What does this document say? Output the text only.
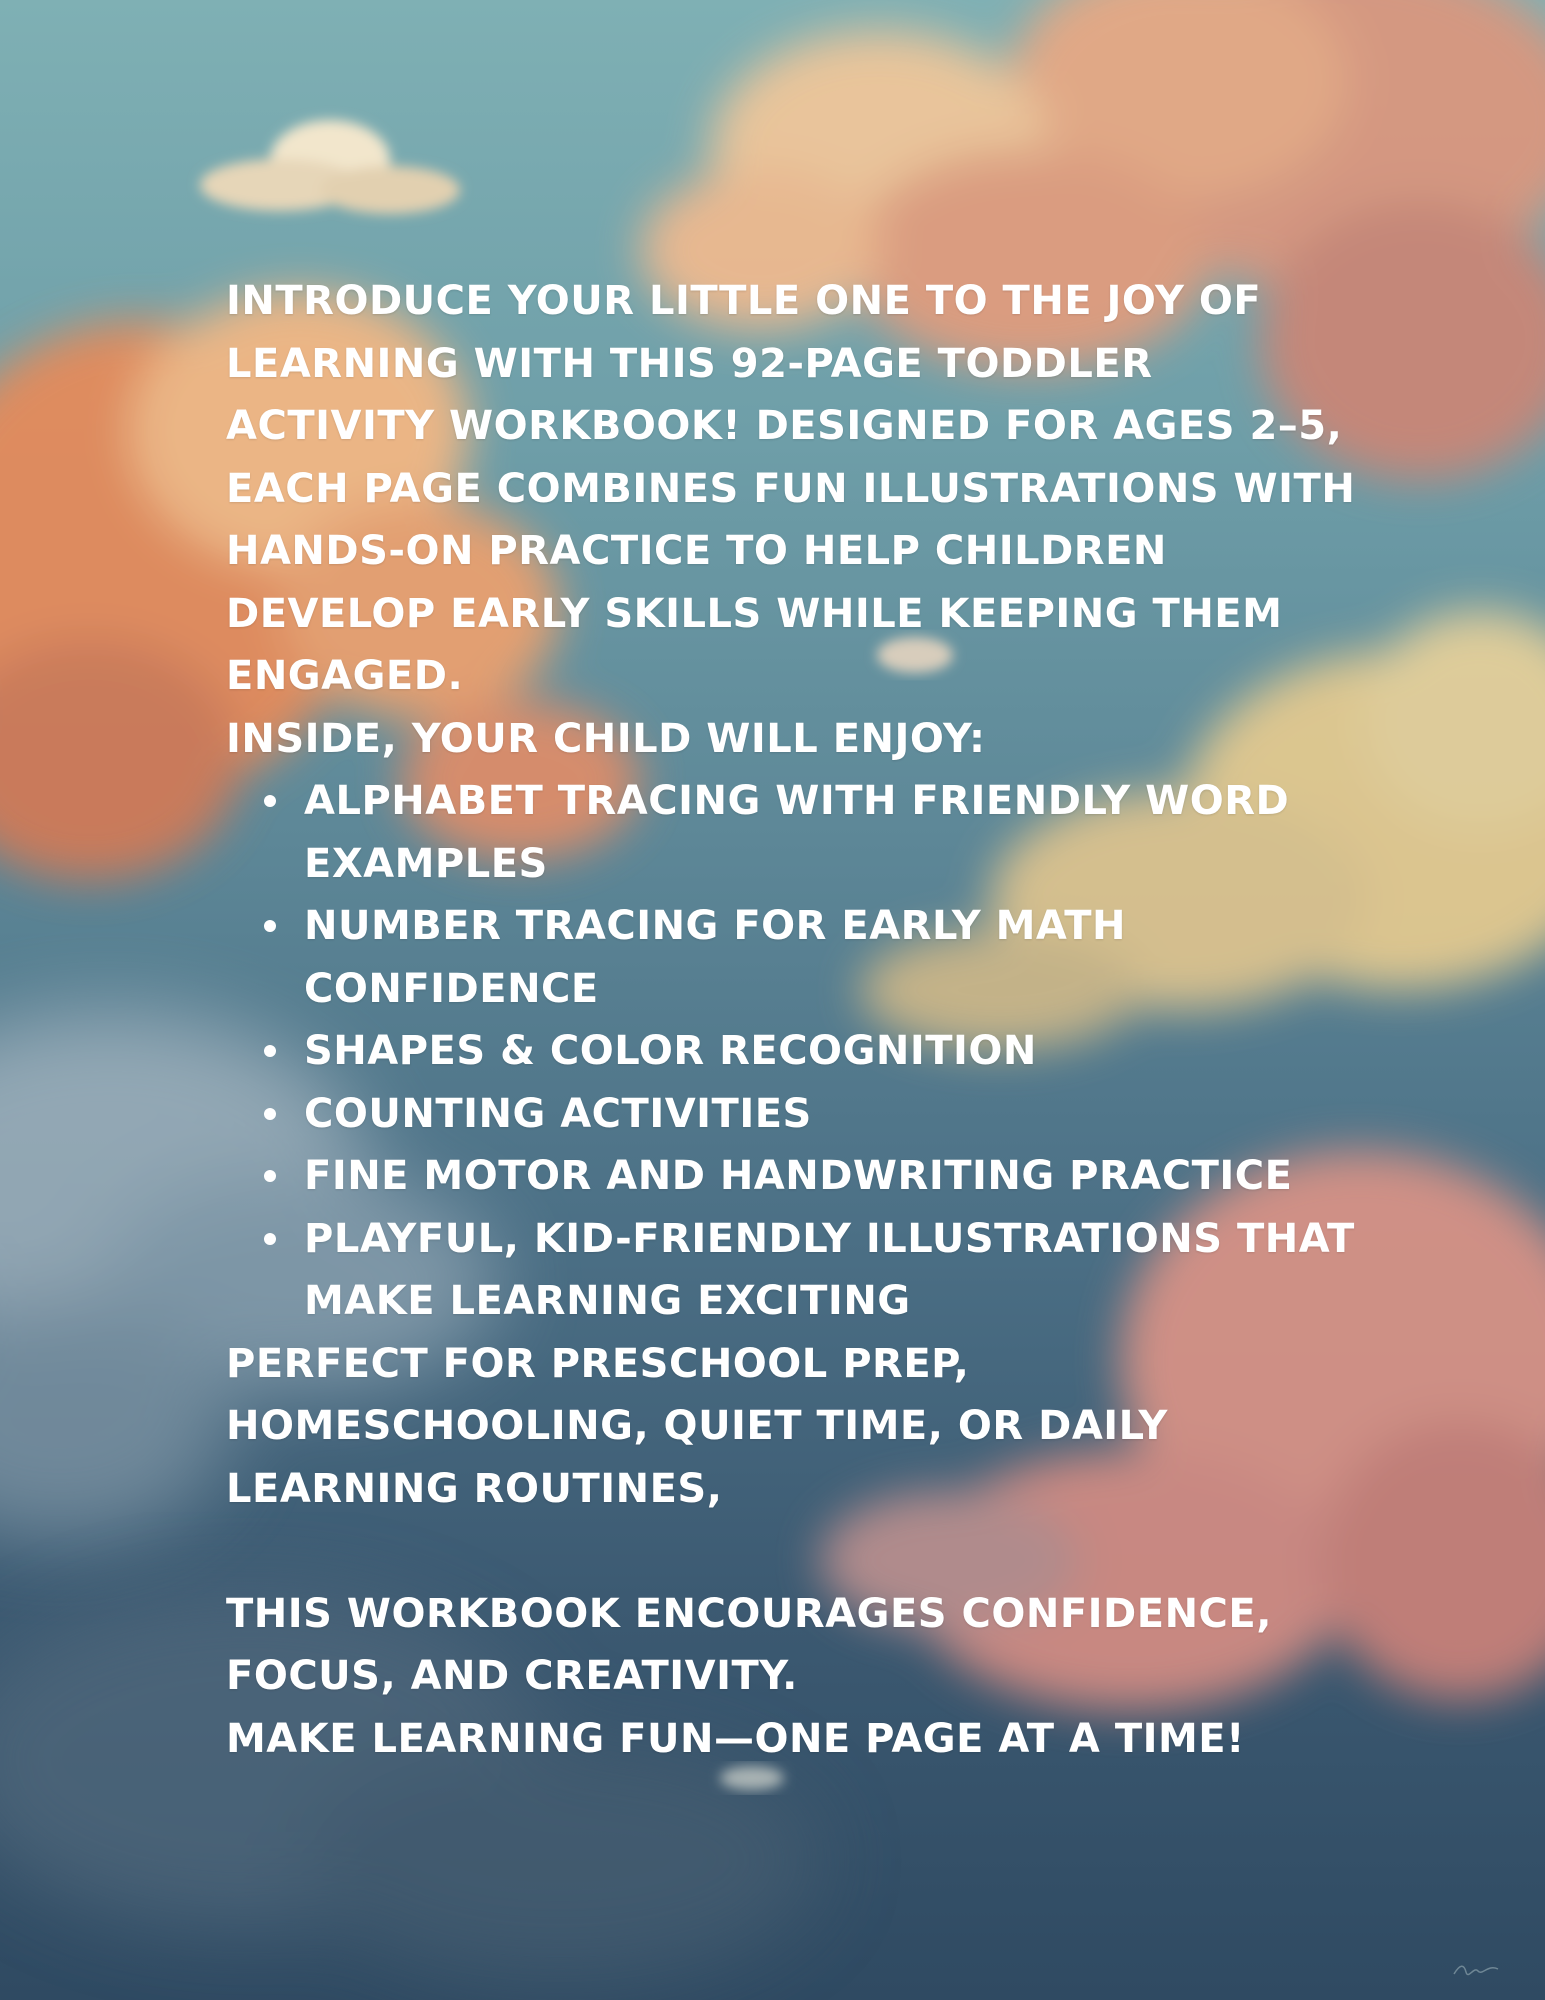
INTRODUCE YOUR LITTLE ONE TO THE JOY OF
LEARNING WITH THIS 92-PAGE TODDLER
ACTIVITY WORKBOOK! DESIGNED FOR AGES 2–5,
EACH PAGE COMBINES FUN ILLUSTRATIONS WITH
HANDS-ON PRACTICE TO HELP CHILDREN
DEVELOP EARLY SKILLS WHILE KEEPING THEM
ENGAGED.
INSIDE, YOUR CHILD WILL ENJOY:
ALPHABET TRACING WITH FRIENDLY WORD
EXAMPLES
NUMBER TRACING FOR EARLY MATH
CONFIDENCE
SHAPES & COLOR RECOGNITION
COUNTING ACTIVITIES
FINE MOTOR AND HANDWRITING PRACTICE
PLAYFUL, KID-FRIENDLY ILLUSTRATIONS THAT
MAKE LEARNING EXCITING
PERFECT FOR PRESCHOOL PREP,
HOMESCHOOLING, QUIET TIME, OR DAILY
LEARNING ROUTINES,
THIS WORKBOOK ENCOURAGES CONFIDENCE,
FOCUS, AND CREATIVITY.
MAKE LEARNING FUN—ONE PAGE AT A TIME!
